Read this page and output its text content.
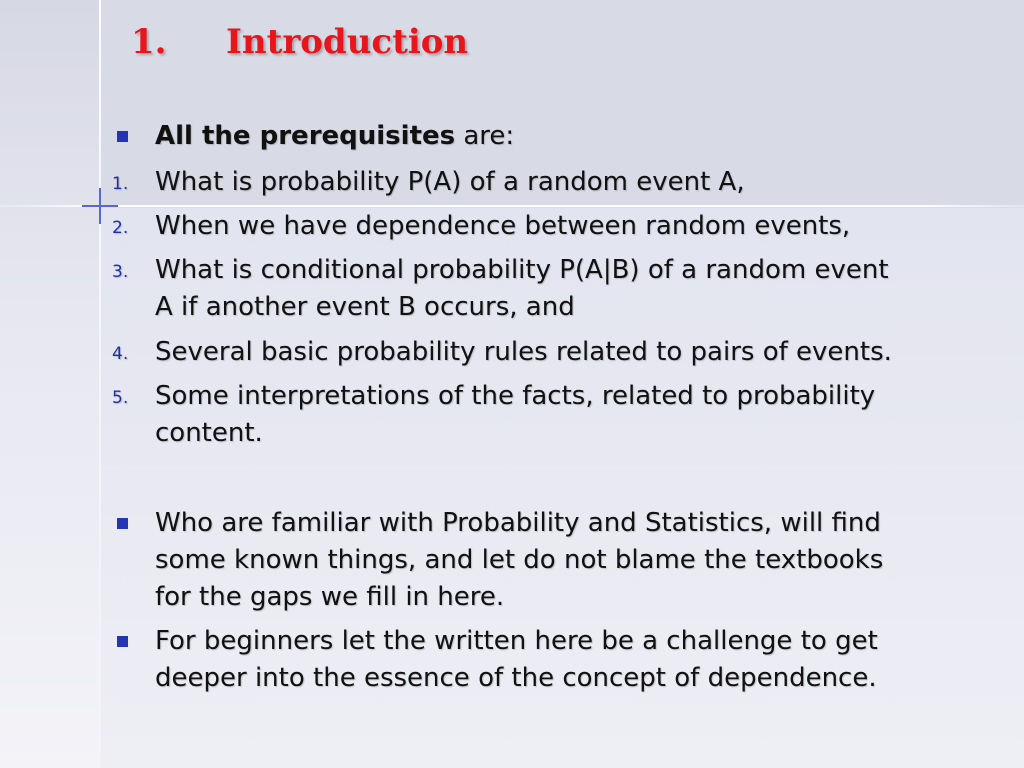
1. Introduction
All the prerequisites are:
1.	What is probability P(A) of a random event A,
2.	When we have dependence between random events,
3.	What is conditional probability P(A|B) of a random event
A if another event B occurs, and
4.	Several basic probability rules related to pairs of events.
5.	Some interpretations of the facts, related to probability
content.
Who are familiar with Probability and Statistics, will find
some known things, and let do not blame the textbooks
for the gaps we fill in here.
For beginners let the written here be a challenge to get
deeper into the essence of the concept of dependence.
